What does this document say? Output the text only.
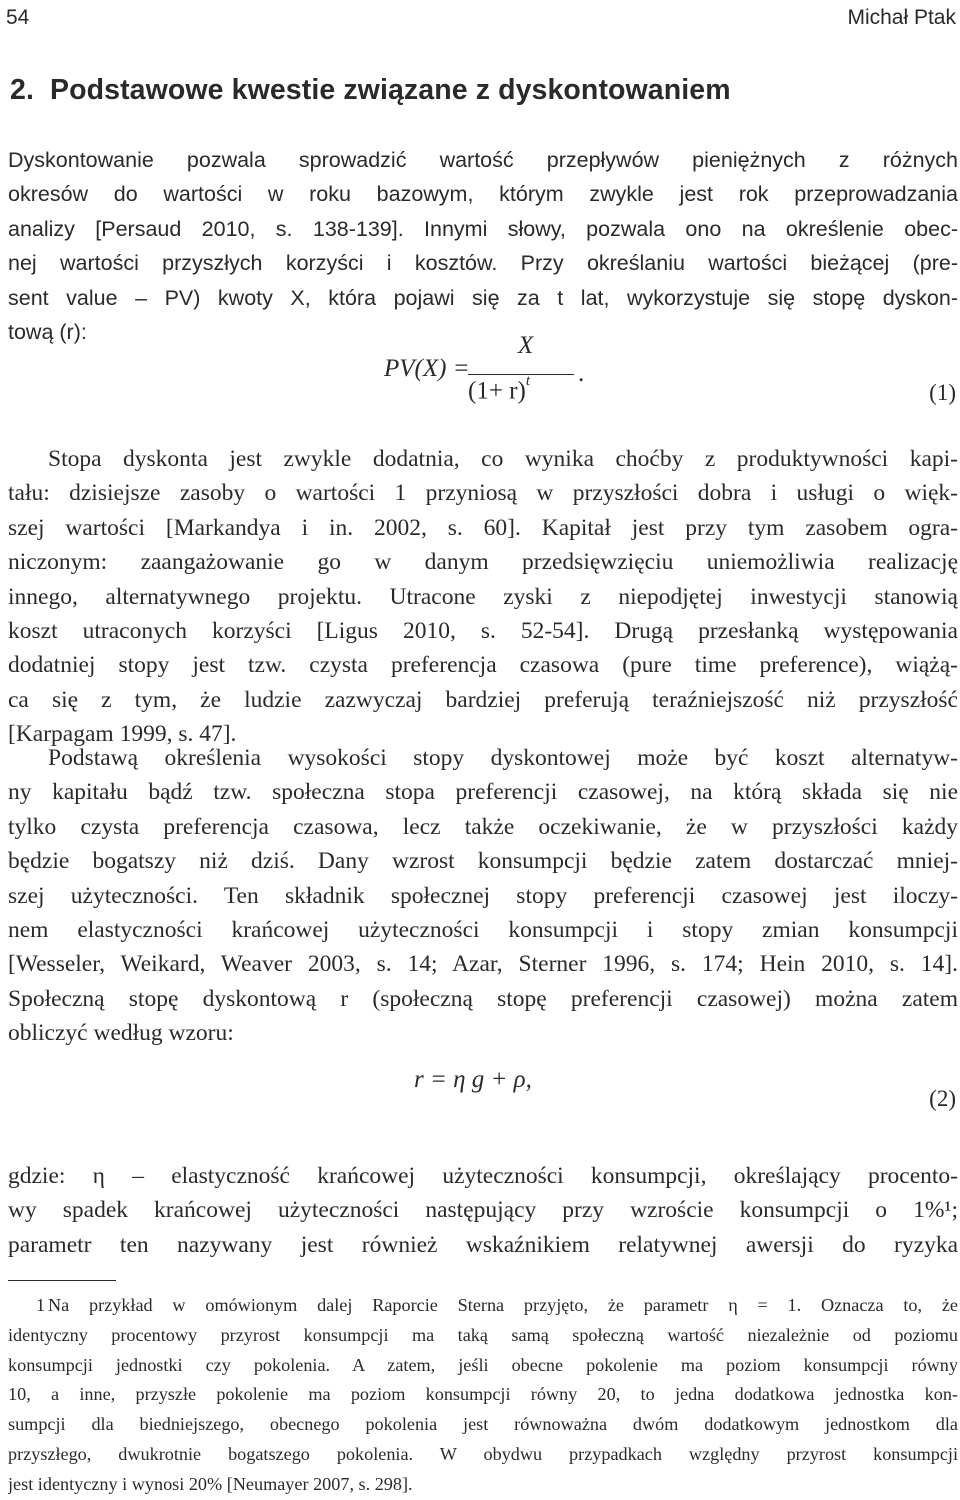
54	Michał Ptak
2.  Podstawowe kwestie związane z dyskontowaniem
Dyskontowanie pozwala sprowadzić wartość przepływów pieniężnych z różnych
okresów do wartości w roku bazowym, którym zwykle jest rok przeprowadzania
analizy [Persaud 2010, s. 138-139]. Innymi słowy, pozwala ono na określenie obec-
nej wartości przyszłych korzyści i kosztów. Przy określaniu wartości bieżącej (pre-
sent value – PV) kwoty X, która pojawi się za t lat, wykorzystuje się stopę dyskon-
tową (r):
PV(X) =
X
$(1+ r)^t$ .
(1)
Stopa dyskonta jest zwykle dodatnia, co wynika choćby z produktywności kapi-
tału: dzisiejsze zasoby o wartości 1 przyniosą w przyszłości dobra i usługi o więk-
szej wartości [Markandya i in. 2002, s. 60]. Kapitał jest przy tym zasobem ogra-
niczonym: zaangażowanie go w danym przedsięwzięciu uniemożliwia realizację
innego, alternatywnego projektu. Utracone zyski z niepodjętej inwestycji stanowią
koszt utraconych korzyści [Ligus 2010, s. 52-54]. Drugą przesłanką występowania
dodatniej stopy jest tzw. czysta preferencja czasowa (pure time preference), wiążą-
ca się z tym, że ludzie zazwyczaj bardziej preferują teraźniejszość niż przyszłość
[Karpagam 1999, s. 47].
Podstawą określenia wysokości stopy dyskontowej może być koszt alternatyw-
ny kapitału bądź tzw. społeczna stopa preferencji czasowej, na którą składa się nie
tylko czysta preferencja czasowa, lecz także oczekiwanie, że w przyszłości każdy
będzie bogatszy niż dziś. Dany wzrost konsumpcji będzie zatem dostarczać mniej-
szej użyteczności. Ten składnik społecznej stopy preferencji czasowej jest iloczy-
nem elastyczności krańcowej użyteczności konsumpcji i stopy zmian konsumpcji
[Wesseler, Weikard, Weaver 2003, s. 14; Azar, Sterner 1996, s. 174; Hein 2010, s. 14].
Społeczną stopę dyskontową r (społeczną stopę preferencji czasowej) można zatem
obliczyć według wzoru:
r = η g + ρ,
(2)
gdzie: η – elastyczność krańcowej użyteczności konsumpcji, określający procento-
wy spadek krańcowej użyteczności następujący przy wzroście konsumpcji o 1%¹;
parametr ten nazywany jest również wskaźnikiem relatywnej awersji do ryzyka
1 Na przykład w omówionym dalej Raporcie Sterna przyjęto, że parametr η = 1. Oznacza to, że
identyczny procentowy przyrost konsumpcji ma taką samą społeczną wartość niezależnie od poziomu
konsumpcji jednostki czy pokolenia. A zatem, jeśli obecne pokolenie ma poziom konsumpcji równy
10, a inne, przyszłe pokolenie ma poziom konsumpcji równy 20, to jedna dodatkowa jednostka kon-
sumpcji dla biedniejszego, obecnego pokolenia jest równoważna dwóm dodatkowym jednostkom dla
przyszłego, dwukrotnie bogatszego pokolenia. W obydwu przypadkach względny przyrost konsumpcji
jest identyczny i wynosi 20% [Neumayer 2007, s. 298].
